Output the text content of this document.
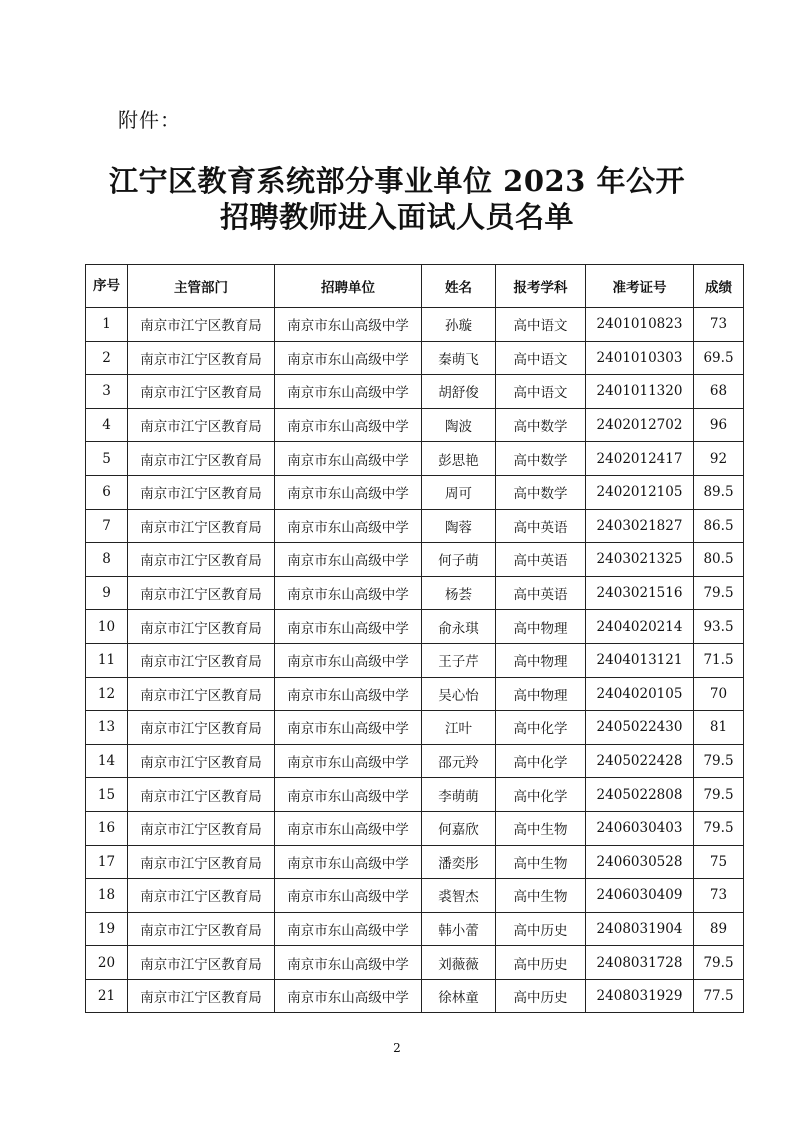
附件：
江宁区教育系统部分事业单位 2023 年公开
招聘教师进入面试人员名单
序号	主管部门	招聘单位	姓名	报考学科	准考证号	成绩
1	南京市江宁区教育局	南京市东山高级中学	孙璇	高中语文	2401010823	73
2	南京市江宁区教育局	南京市东山高级中学	秦萌飞	高中语文	2401010303	69.5
3	南京市江宁区教育局	南京市东山高级中学	胡舒俊	高中语文	2401011320	68
4	南京市江宁区教育局	南京市东山高级中学	陶波	高中数学	2402012702	96
5	南京市江宁区教育局	南京市东山高级中学	彭思艳	高中数学	2402012417	92
6	南京市江宁区教育局	南京市东山高级中学	周可	高中数学	2402012105	89.5
7	南京市江宁区教育局	南京市东山高级中学	陶蓉	高中英语	2403021827	86.5
8	南京市江宁区教育局	南京市东山高级中学	何子萌	高中英语	2403021325	80.5
9	南京市江宁区教育局	南京市东山高级中学	杨荟	高中英语	2403021516	79.5
10	南京市江宁区教育局	南京市东山高级中学	俞永琪	高中物理	2404020214	93.5
11	南京市江宁区教育局	南京市东山高级中学	王子芹	高中物理	2404013121	71.5
12	南京市江宁区教育局	南京市东山高级中学	吴心怡	高中物理	2404020105	70
13	南京市江宁区教育局	南京市东山高级中学	江叶	高中化学	2405022430	81
14	南京市江宁区教育局	南京市东山高级中学	邵元羚	高中化学	2405022428	79.5
15	南京市江宁区教育局	南京市东山高级中学	李萌萌	高中化学	2405022808	79.5
16	南京市江宁区教育局	南京市东山高级中学	何嘉欣	高中生物	2406030403	79.5
17	南京市江宁区教育局	南京市东山高级中学	潘奕彤	高中生物	2406030528	75
18	南京市江宁区教育局	南京市东山高级中学	裘智杰	高中生物	2406030409	73
19	南京市江宁区教育局	南京市东山高级中学	韩小蕾	高中历史	2408031904	89
20	南京市江宁区教育局	南京市东山高级中学	刘薇薇	高中历史	2408031728	79.5
21	南京市江宁区教育局	南京市东山高级中学	徐林童	高中历史	2408031929	77.5
2
